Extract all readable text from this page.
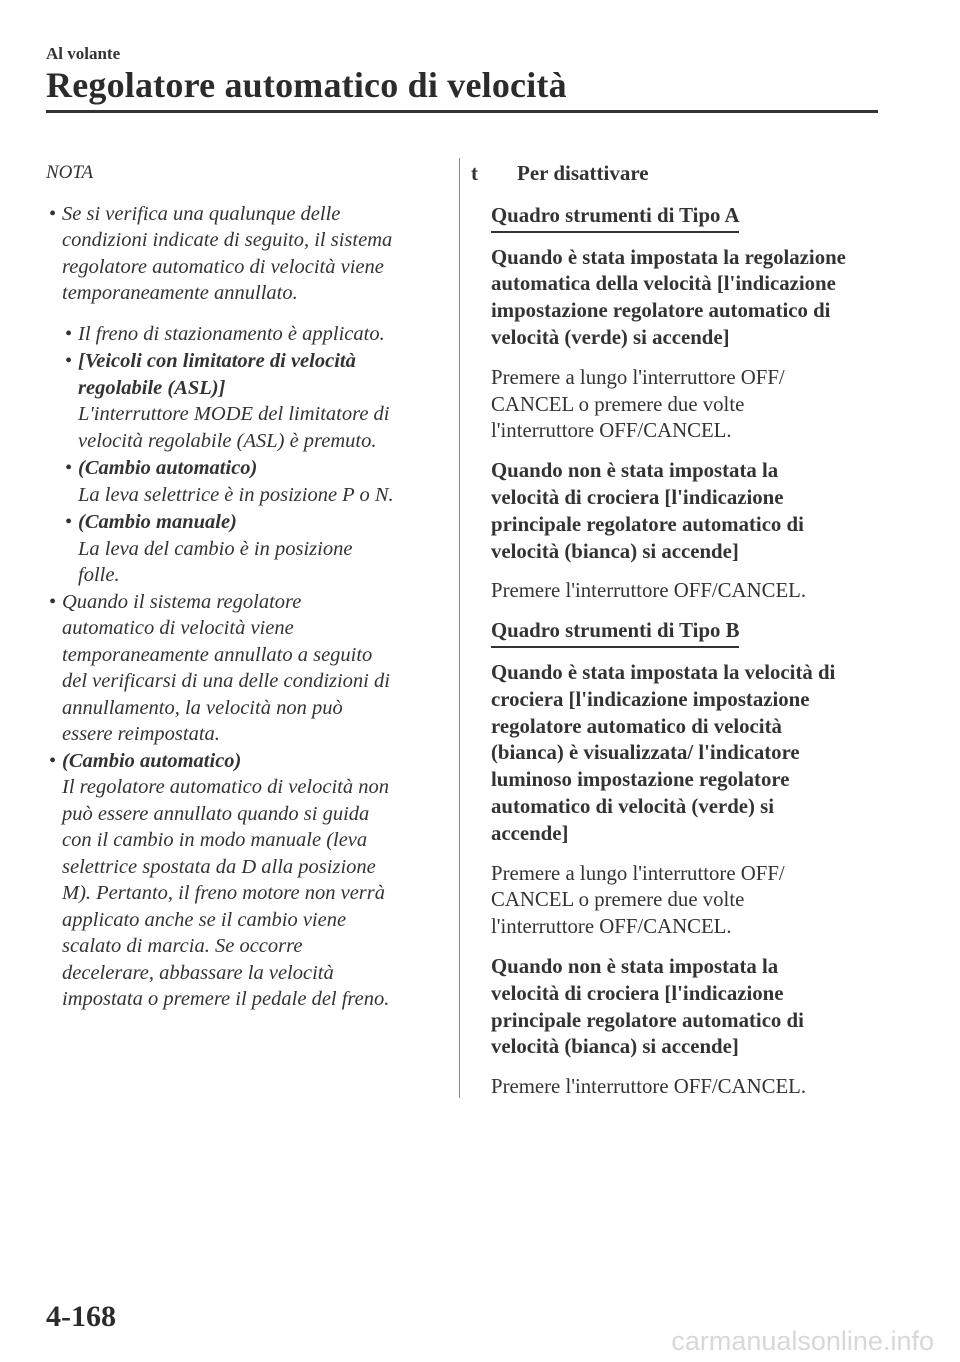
Al volante
Regolatore automatico di velocità
NOTA
• Se si verifica una qualunque delle
condizioni indicate di seguito, il sistema
regolatore automatico di velocità viene
temporaneamente annullato.
• Il freno di stazionamento è applicato.
• [Veicoli con limitatore di velocità
regolabile (ASL)]
L'interruttore MODE del limitatore di
velocità regolabile (ASL) è premuto.
• (Cambio automatico)
La leva selettrice è in posizione P o N.
• (Cambio manuale)
La leva del cambio è in posizione
folle.
• Quando il sistema regolatore
automatico di velocità viene
temporaneamente annullato a seguito
del verificarsi di una delle condizioni di
annullamento, la velocità non può
essere reimpostata.
• (Cambio automatico)
Il regolatore automatico di velocità non
può essere annullato quando si guida
con il cambio in modo manuale (leva
selettrice spostata da D alla posizione
M). Pertanto, il freno motore non verrà
applicato anche se il cambio viene
scalato di marcia. Se occorre
decelerare, abbassare la velocità
impostata o premere il pedale del freno.
t Per disattivare
Quadro strumenti di Tipo A
Quando è stata impostata la regolazione
automatica della velocità [l'indicazione
impostazione regolatore automatico di
velocità (verde) si accende]
Premere a lungo l'interruttore OFF/
CANCEL o premere due volte
l'interruttore OFF/CANCEL.
Quando non è stata impostata la
velocità di crociera [l'indicazione
principale regolatore automatico di
velocità (bianca) si accende]
Premere l'interruttore OFF/CANCEL.
Quadro strumenti di Tipo B
Quando è stata impostata la velocità di
crociera [l'indicazione impostazione
regolatore automatico di velocità
(bianca) è visualizzata/ l'indicatore
luminoso impostazione regolatore
automatico di velocità (verde) si
accende]
Premere a lungo l'interruttore OFF/
CANCEL o premere due volte
l'interruttore OFF/CANCEL.
Quando non è stata impostata la
velocità di crociera [l'indicazione
principale regolatore automatico di
velocità (bianca) si accende]
Premere l'interruttore OFF/CANCEL.
4-168
carmanualsonline.info
